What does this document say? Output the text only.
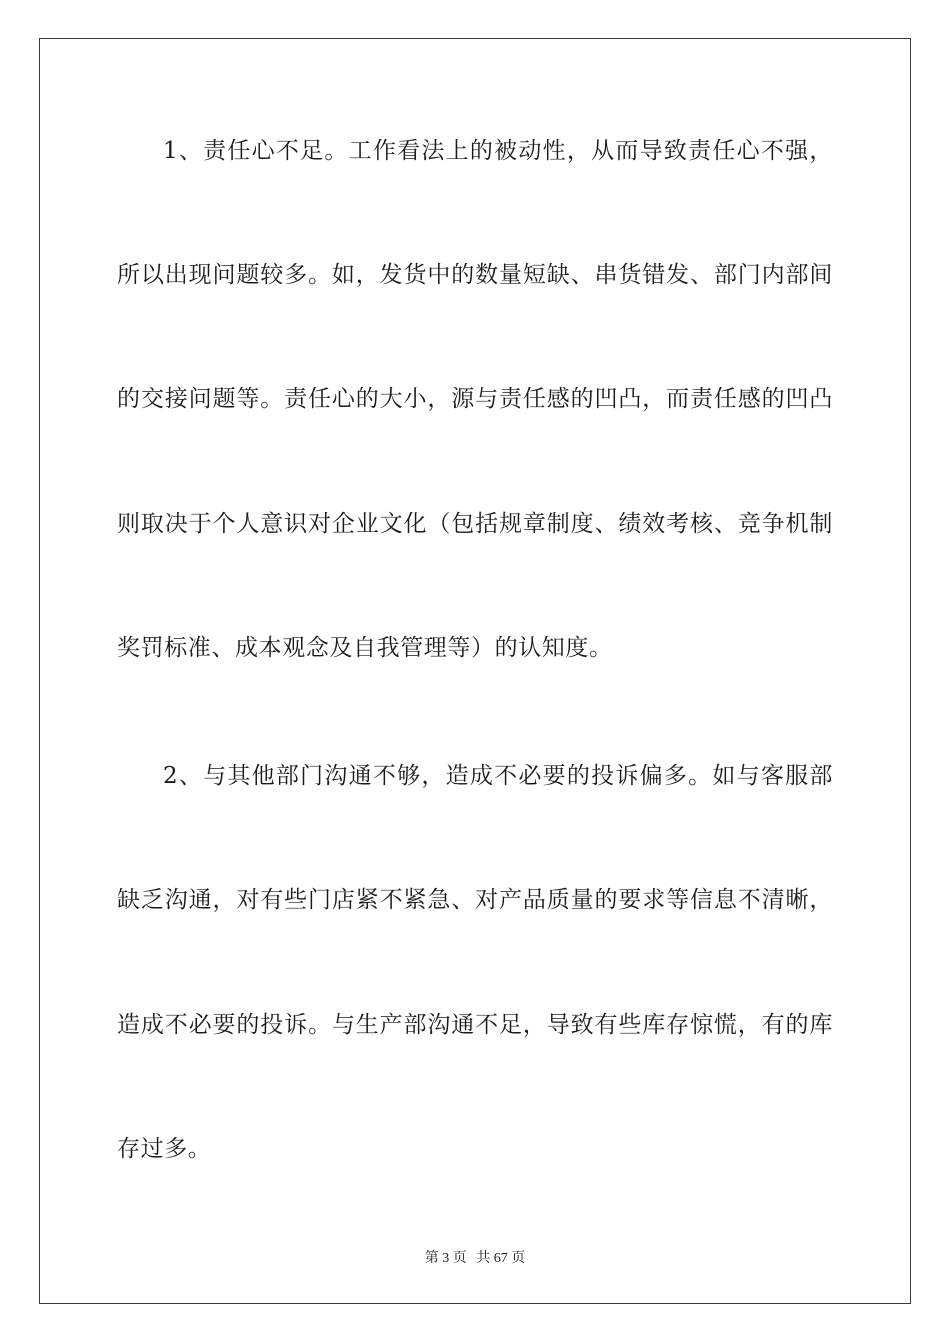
1、责任心不足。工作看法上的被动性，从而导致责任心不强，
所以出现问题较多。如，发货中的数量短缺、串货错发、部门内部间
的交接问题等。责任心的大小，源与责任感的凹凸，而责任感的凹凸
则取决于个人意识对企业文化（包括规章制度、绩效考核、竞争机制
奖罚标准、成本观念及自我管理等）的认知度。
2、与其他部门沟通不够，造成不必要的投诉偏多。如与客服部
缺乏沟通，对有些门店紧不紧急、对产品质量的要求等信息不清晰，
造成不必要的投诉。与生产部沟通不足，导致有些库存惊慌，有的库
存过多。
第 3 页 共 67 页
